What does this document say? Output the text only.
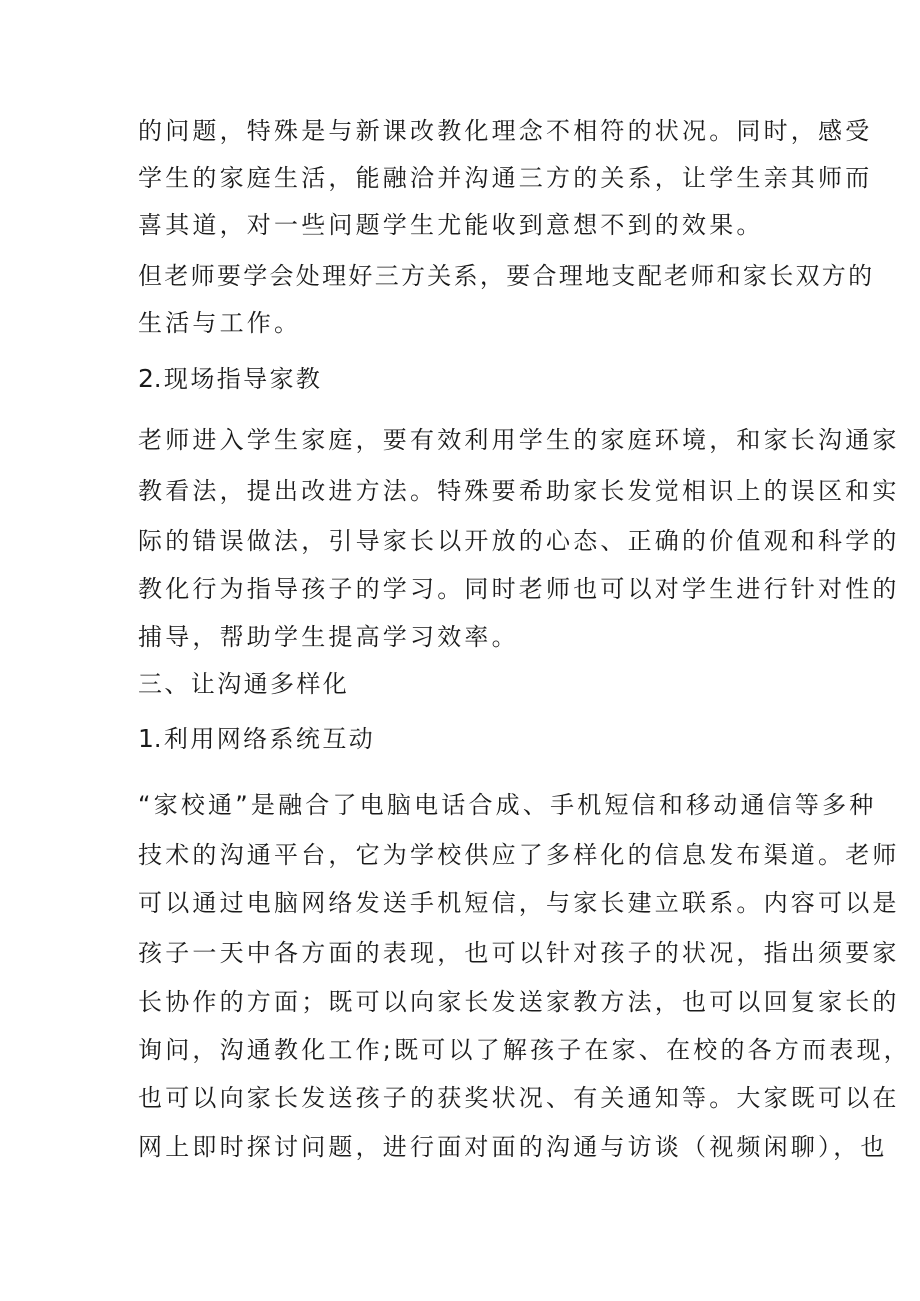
的问题，特殊是与新课改教化理念不相符的状况。同时，感受
学生的家庭生活，能融洽并沟通三方的关系，让学生亲其师而
喜其道，对一些问题学生尤能收到意想不到的效果。
但老师要学会处理好三方关系，要合理地支配老师和家长双方的
生活与工作。
2.现场指导家教
老师进入学生家庭，要有效利用学生的家庭环境，和家长沟通家
教看法，提出改进方法。特殊要希助家长发觉相识上的误区和实
际的错误做法，引导家长以开放的心态、正确的价值观和科学的
教化行为指导孩子的学习。同时老师也可以对学生进行针对性的
捕导，帮助学生提高学习效率。
三、让沟通多样化
1.利用网络系统互动
“家校通”是融合了电脑电话合成、手机短信和移动通信等多种
技术的沟通平台，它为学校供应了多样化的信息发布渠道。老师
可以通过电脑网络发送手机短信，与家长建立联系。内容可以是
孩子一天中各方面的表现，也可以针对孩子的状况，指出须要家
长协作的方面；既可以向家长发送家教方法，也可以回复家长的
询问，沟通教化工作;既可以了解孩子在家、在校的各方而表现，
也可以向家长发送孩子的获奖状况、有关通知等。大家既可以在
网上即时探讨问题，进行面对面的沟通与访谈（视频闲聊），也
